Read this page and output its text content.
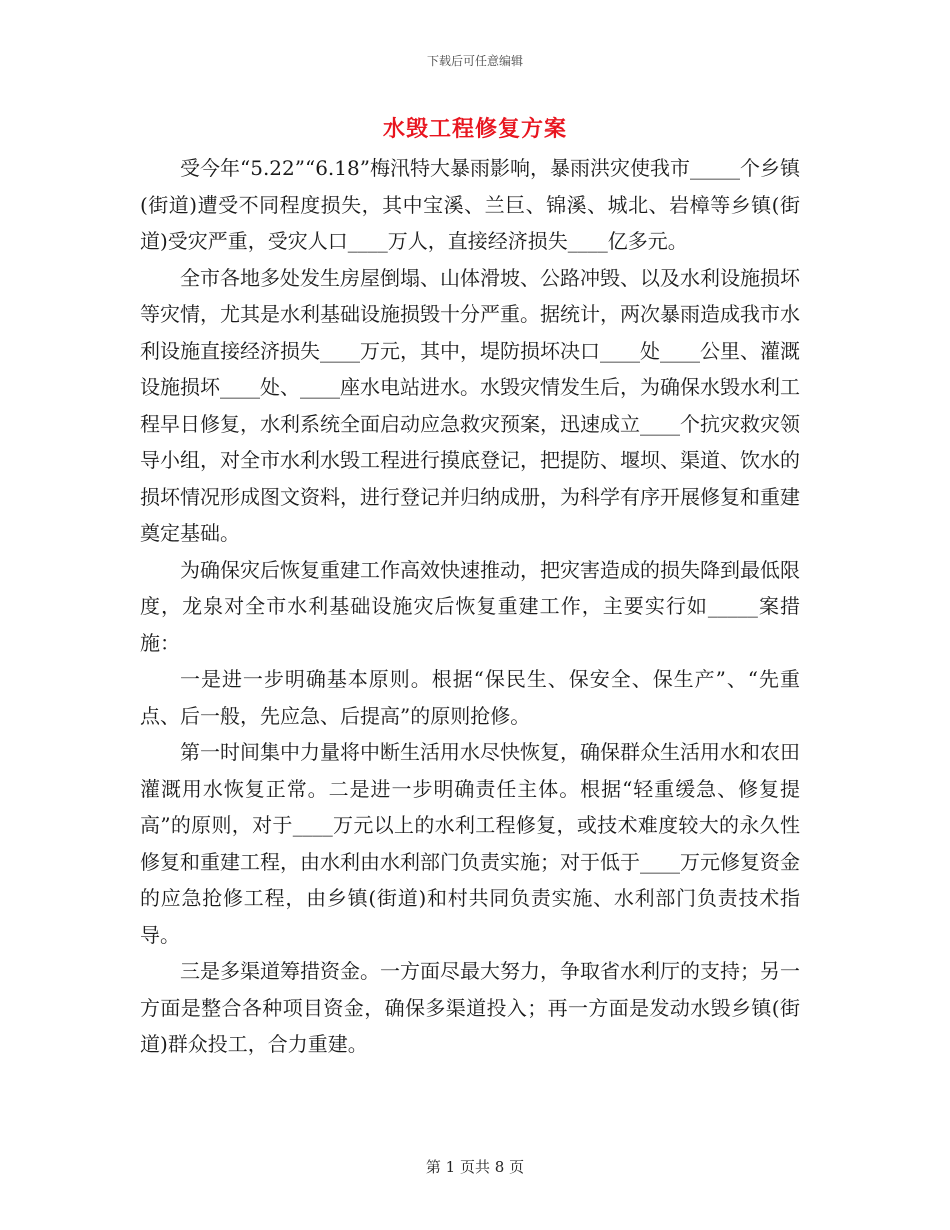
下载后可任意编辑
水毁工程修复方案

受今年“5.22”“6.18”梅汛特大暴雨影响，暴雨洪灾使我市_____个乡镇(街道)遭受不同程度损失，其中宝溪、兰巨、锦溪、城北、岩樟等乡镇(街道)受灾严重，受灾人口____万人，直接经济损失____亿多元。

全市各地多处发生房屋倒塌、山体滑坡、公路冲毁、以及水利设施损坏等灾情，尤其是水利基础设施损毁十分严重。据统计，两次暴雨造成我市水利设施直接经济损失____万元，其中，堤防损坏决口____处____公里、灌溉设施损坏____处、____座水电站进水。水毁灾情发生后，为确保水毁水利工程早日修复，水利系统全面启动应急救灾预案，迅速成立____个抗灾救灾领导小组，对全市水利水毁工程进行摸底登记，把提防、堰坝、渠道、饮水的损坏情况形成图文资料，进行登记并归纳成册，为科学有序开展修复和重建奠定基础。

为确保灾后恢复重建工作高效快速推动，把灾害造成的损失降到最低限度，龙泉对全市水利基础设施灾后恢复重建工作，主要实行如_____案措施：

一是进一步明确基本原则。根据“保民生、保安全、保生产”、“先重点、后一般，先应急、后提高”的原则抢修。

第一时间集中力量将中断生活用水尽快恢复，确保群众生活用水和农田灌溉用水恢复正常。二是进一步明确责任主体。根据“轻重缓急、修复提高”的原则，对于____万元以上的水利工程修复，或技术难度较大的永久性修复和重建工程，由水利由水利部门负责实施；对于低于____万元修复资金的应急抢修工程，由乡镇(街道)和村共同负责实施、水利部门负责技术指导。

三是多渠道筹措资金。一方面尽最大努力，争取省水利厅的支持；另一方面是整合各种项目资金，确保多渠道投入；再一方面是发动水毁乡镇(街道)群众投工，合力重建。

第 1 页共 8 页
